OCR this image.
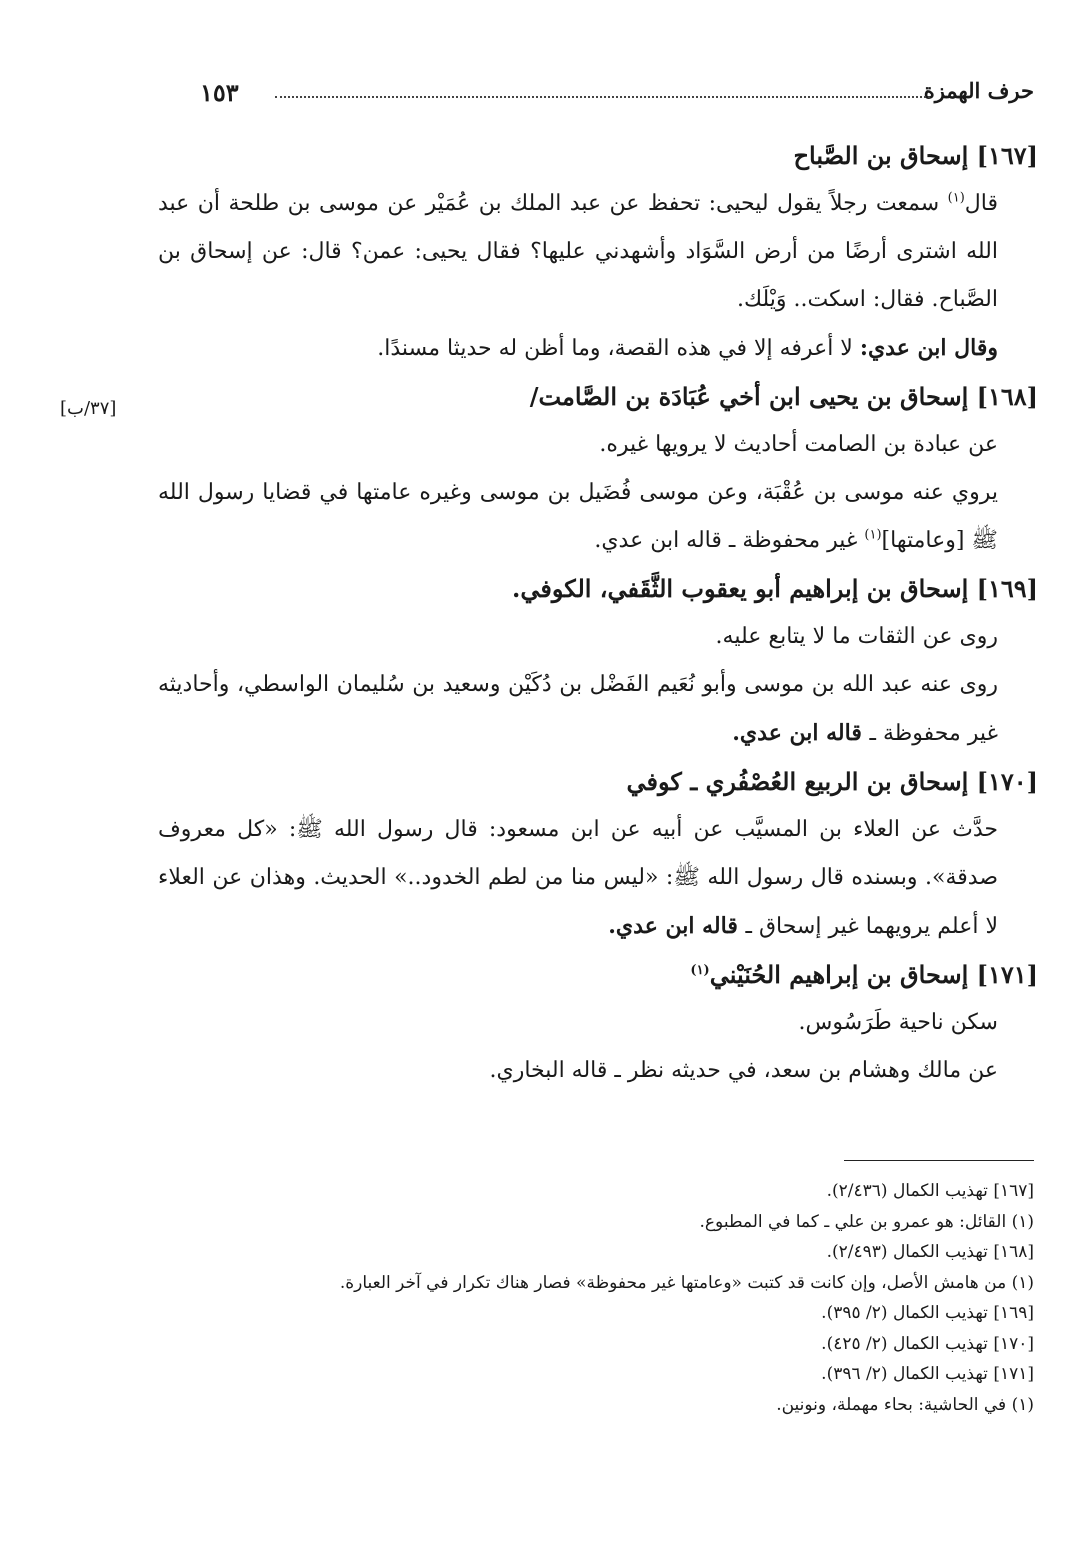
حرف الهمزة
١٥٣
[٣٧/ب]
[١٦٧] إسحاق بن الصَّباح

قال$^{(١)}$ سمعت رجلاً يقول ليحيى: تحفظ عن عبد الملك بن عُمَيْر عن موسى بن طلحة أن عبد الله اشترى أرضًا من أرض السَّوَاد وأشهدني عليها؟ فقال يحيى: عمن؟ قال: عن إسحاق بن الصَّباح. فقال: اسكت.. وَيْلَك.

وقال ابن عدي: لا أعرفه إلا في هذه القصة، وما أظن له حديثا مسندًا.

[١٦٨] إسحاق بن يحيى ابن أخي عُبَادَة بن الصَّامت/

عن عبادة بن الصامت أحاديث لا يرويها غيره.

يروي عنه موسى بن عُقْبَة، وعن موسى فُضَيل بن موسى وغيره عامتها في قضايا رسول الله ﷺ [وعامتها]$^{(١)}$ غير محفوظة ـ قاله ابن عدي.

[١٦٩] إسحاق بن إبراهيم أبو يعقوب الثَّقَفي، الكوفي.

روى عن الثقات ما لا يتابع عليه.

روى عنه عبد الله بن موسى وأبو نُعَيم الفَضْل بن دُكَيْن وسعيد بن سُليمان الواسطي، وأحاديثه غير محفوظة ـ قاله ابن عدي.

[١٧٠] إسحاق بن الربيع العُصْفُري ـ كوفي

حدَّث عن العلاء بن المسيَّب عن أبيه عن ابن مسعود: قال رسول الله ﷺ: «كل معروف صدقة». وبسنده قال رسول الله ﷺ: «ليس منا من لطم الخدود..» الحديث. وهذان عن العلاء لا أعلم يرويهما غير إسحاق ـ قاله ابن عدي.

[١٧١] إسحاق بن إبراهيم الحُنَيْني$^{(١)}$

سكن ناحية طَرَسُوس.

عن مالك وهشام بن سعد، في حديثه نظر ـ قاله البخاري.

[١٦٧] تهذيب الكمال (٢/٤٣٦).

(١) القائل: هو عمرو بن علي ـ كما في المطبوع.

[١٦٨] تهذيب الكمال (٢/٤٩٣).

(١) من هامش الأصل، وإن كانت قد كتبت «وعامتها غير محفوظة» فصار هناك تكرار في آخر العبارة.

[١٦٩] تهذيب الكمال (٢/ ٣٩٥).

[١٧٠] تهذيب الكمال (٢/ ٤٢٥).

[١٧١] تهذيب الكمال (٢/ ٣٩٦).

(١) في الحاشية: بحاء مهملة، ونونين.
